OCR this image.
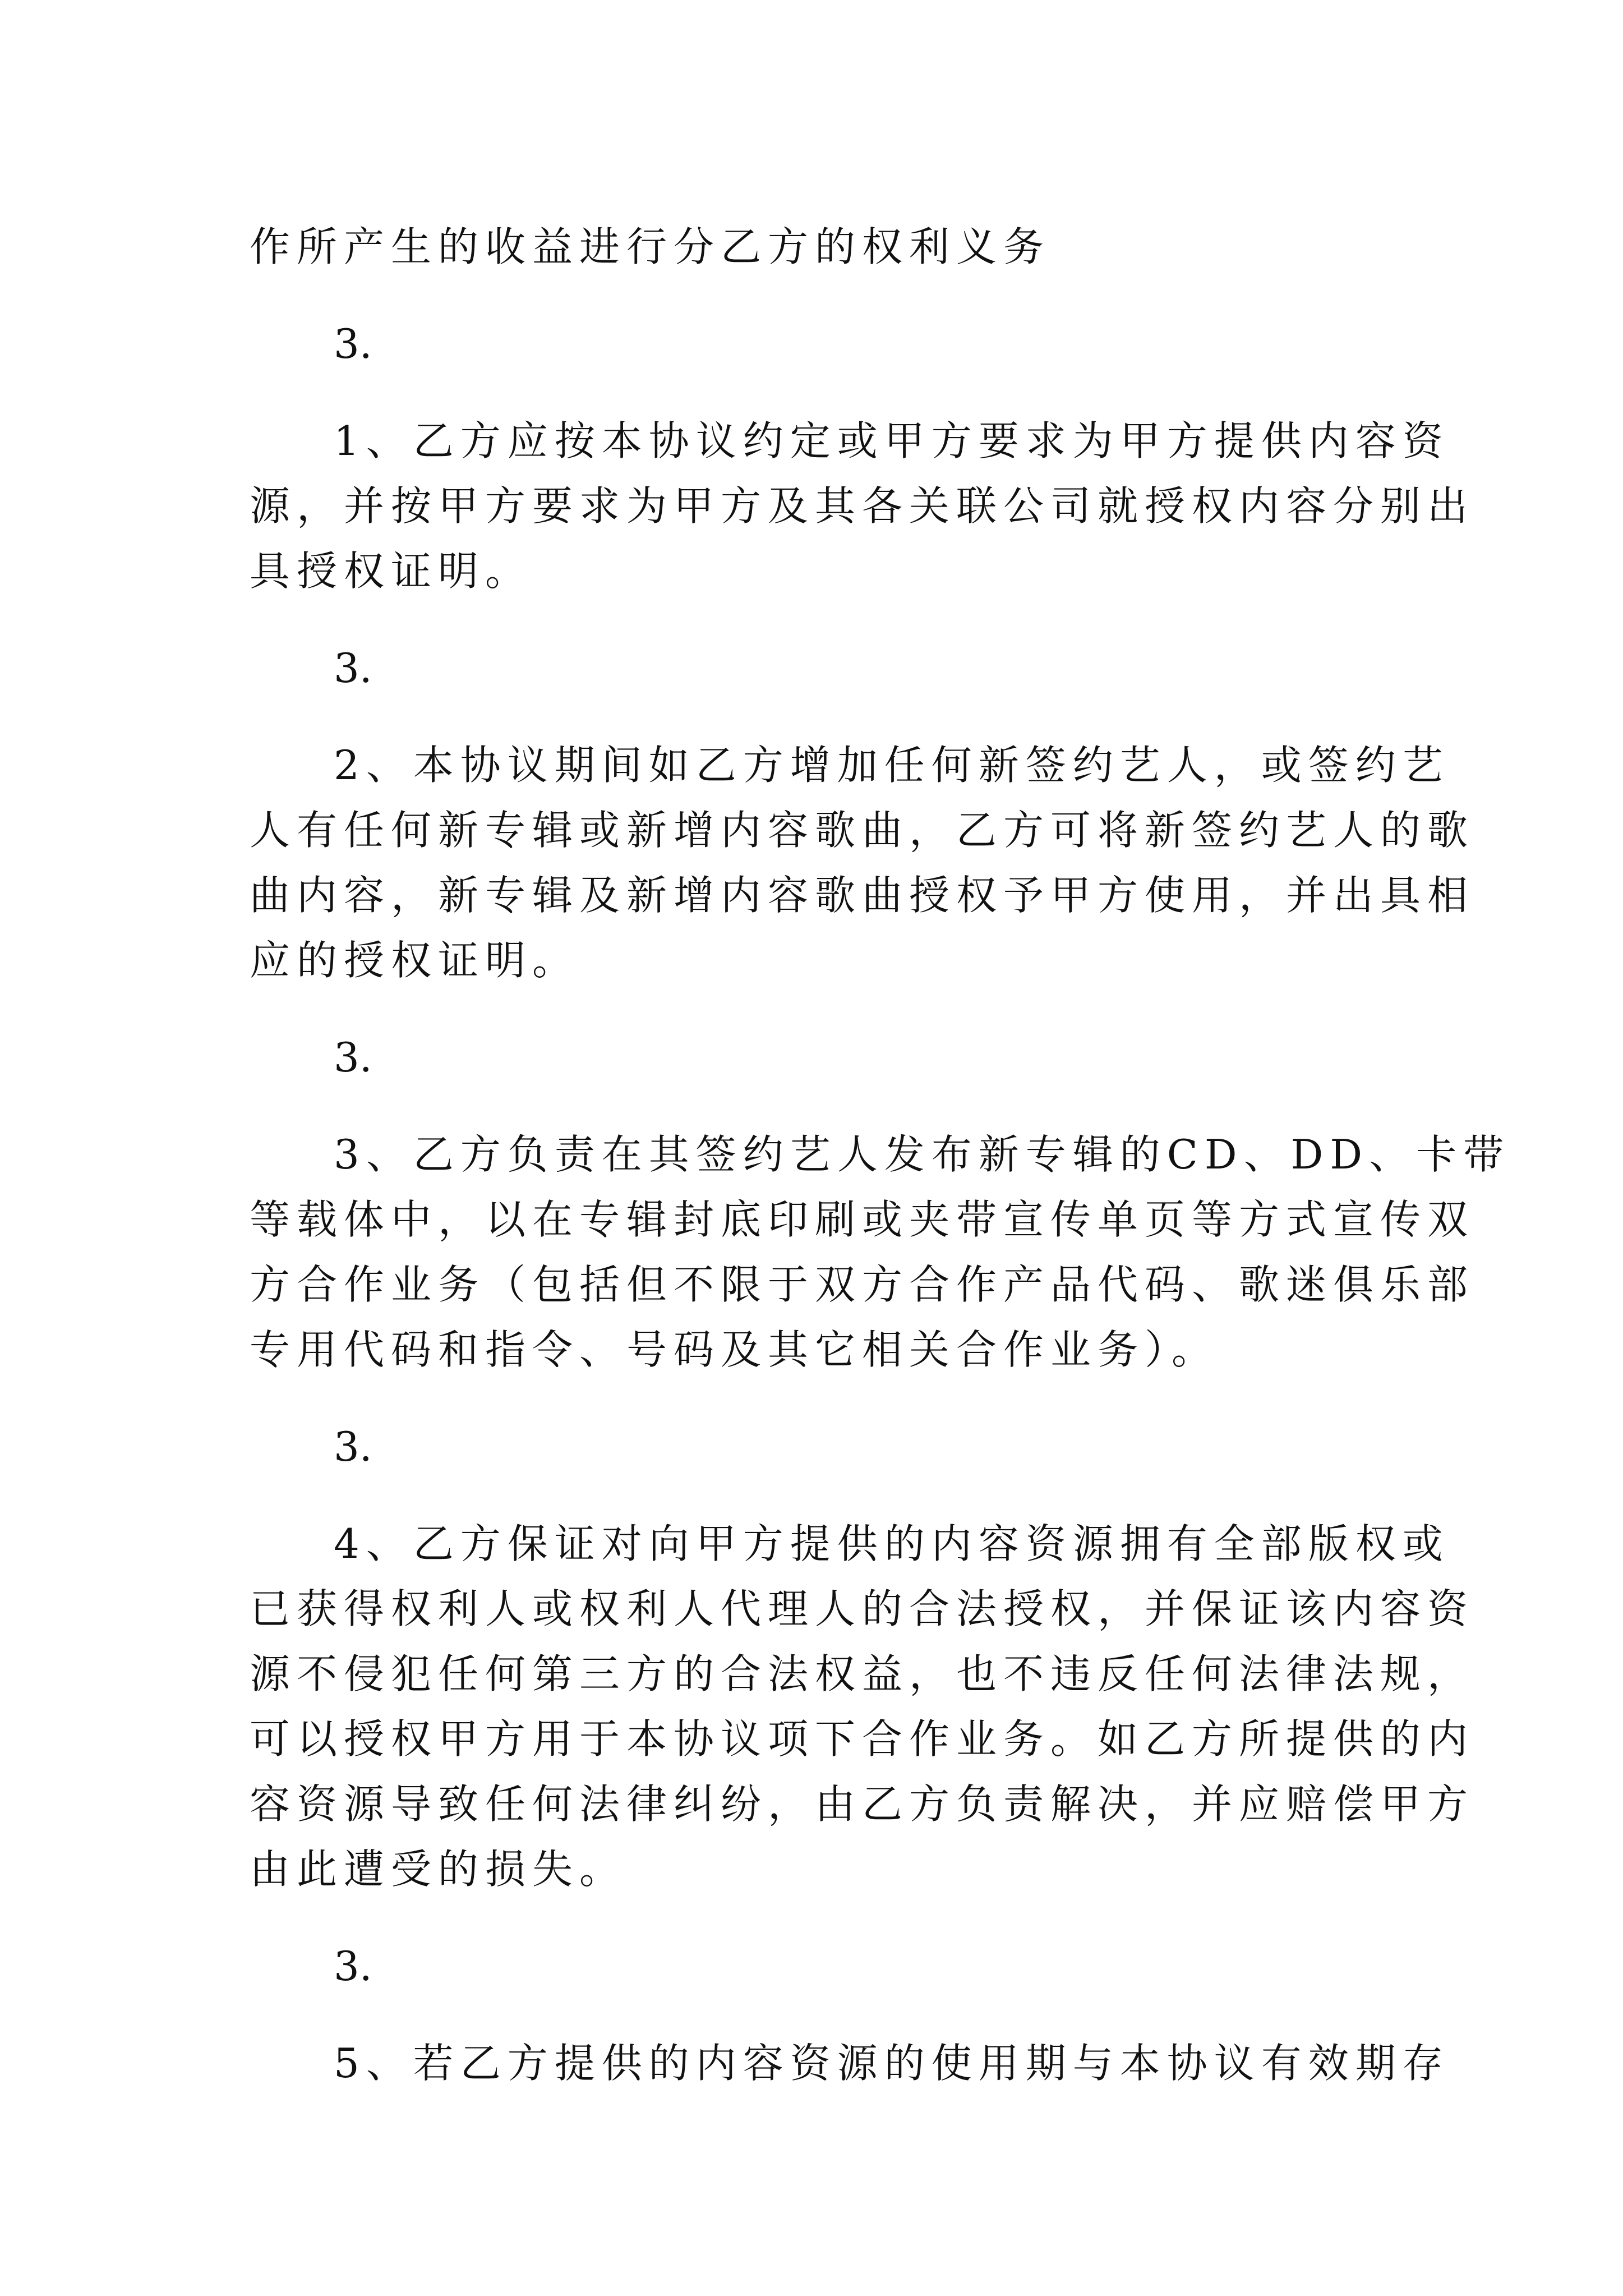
作所产生的收益进行分乙方的权利义务
3.
1、乙方应按本协议约定或甲方要求为甲方提供内容资
源，并按甲方要求为甲方及其各关联公司就授权内容分别出
具授权证明。
3.
2、本协议期间如乙方增加任何新签约艺人，或签约艺
人有任何新专辑或新增内容歌曲，乙方可将新签约艺人的歌
曲内容，新专辑及新增内容歌曲授权予甲方使用，并出具相
应的授权证明。
3.
3、乙方负责在其签约艺人发布新专辑的CD、DD、卡带
等载体中，以在专辑封底印刷或夹带宣传单页等方式宣传双
方合作业务（包括但不限于双方合作产品代码、歌迷俱乐部
专用代码和指令、号码及其它相关合作业务）。
3.
4、乙方保证对向甲方提供的内容资源拥有全部版权或
已获得权利人或权利人代理人的合法授权，并保证该内容资
源不侵犯任何第三方的合法权益，也不违反任何法律法规，
可以授权甲方用于本协议项下合作业务。如乙方所提供的内
容资源导致任何法律纠纷，由乙方负责解决，并应赔偿甲方
由此遭受的损失。
3.
5、若乙方提供的内容资源的使用期与本协议有效期存
